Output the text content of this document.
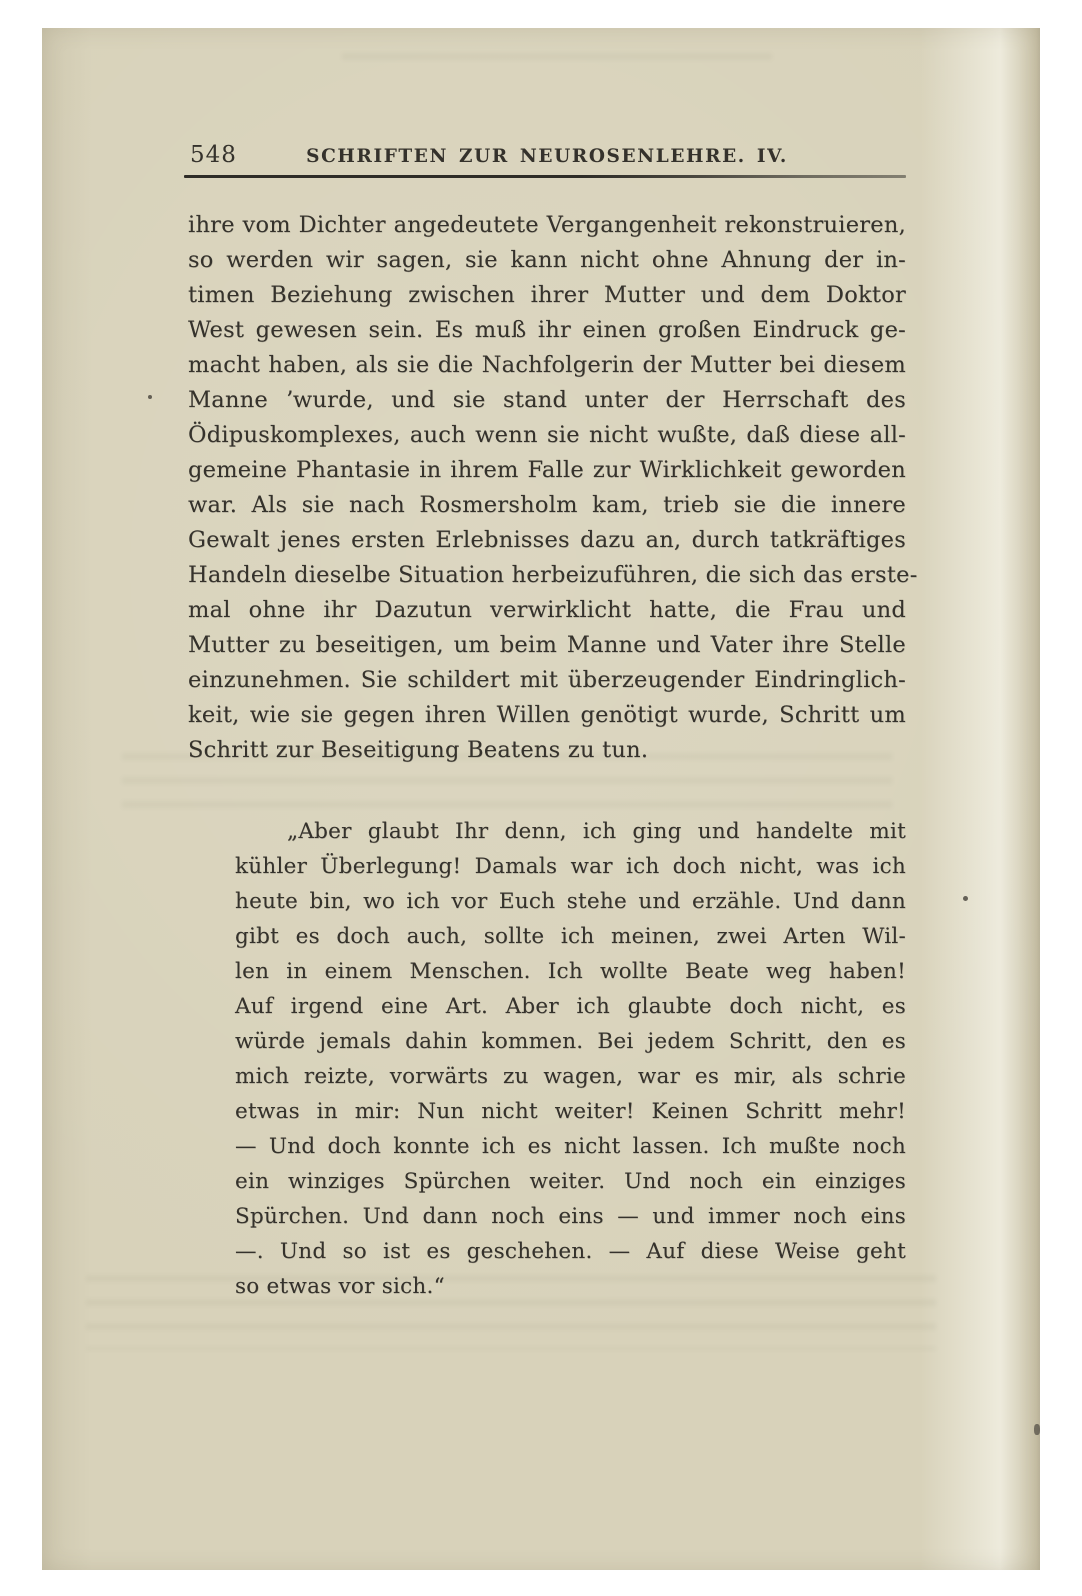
548	SCHRIFTEN ZUR NEUROSENLEHRE. IV.
ihre vom Dichter angedeutete Vergangenheit rekonstruieren,
so werden wir sagen, sie kann nicht ohne Ahnung der in-
timen Beziehung zwischen ihrer Mutter und dem Doktor
West gewesen sein. Es muß ihr einen großen Eindruck ge-
macht haben, als sie die Nachfolgerin der Mutter bei diesem
Manne ʼwurde, und sie stand unter der Herrschaft des
Ödipuskomplexes, auch wenn sie nicht wußte, daß diese all-
gemeine Phantasie in ihrem Falle zur Wirklichkeit geworden
war. Als sie nach Rosmersholm kam, trieb sie die innere
Gewalt jenes ersten Erlebnisses dazu an, durch tatkräftiges
Handeln dieselbe Situation herbeizuführen, die sich das erste-
mal ohne ihr Dazutun verwirklicht hatte, die Frau und
Mutter zu beseitigen, um beim Manne und Vater ihre Stelle
einzunehmen. Sie schildert mit überzeugender Eindringlich-
keit, wie sie gegen ihren Willen genötigt wurde, Schritt um
Schritt zur Beseitigung Beatens zu tun.
„Aber glaubt Ihr denn, ich ging und handelte mit
kühler Überlegung! Damals war ich doch nicht, was ich
heute bin, wo ich vor Euch stehe und erzähle. Und dann
gibt es doch auch, sollte ich meinen, zwei Arten Wil-
len in einem Menschen. Ich wollte Beate weg haben!
Auf irgend eine Art. Aber ich glaubte doch nicht, es
würde jemals dahin kommen. Bei jedem Schritt, den es
mich reizte, vorwärts zu wagen, war es mir, als schrie
etwas in mir: Nun nicht weiter! Keinen Schritt mehr!
— Und doch konnte ich es nicht lassen. Ich mußte noch
ein winziges Spürchen weiter. Und noch ein einziges
Spürchen. Und dann noch eins — und immer noch eins
—. Und so ist es geschehen. — Auf diese Weise geht
so etwas vor sich.“
